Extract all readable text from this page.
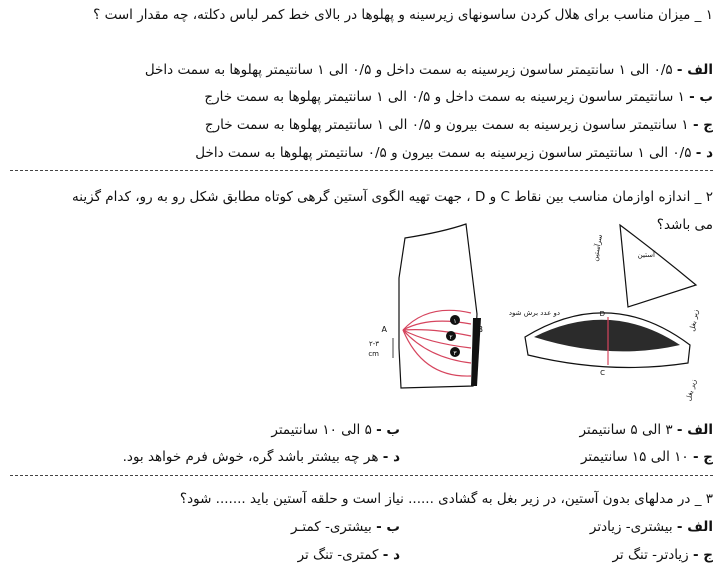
۱ _ میزان مناسب برای هلال کردن ساسونهای زیرسینه و پهلوها در بالای خط کمر لباس دکلته، چه مقدار است ؟
الف - ۰/۵ الی ۱ سانتیمتر ساسون زیرسینه به سمت داخل و ۰/۵ الی ۱ سانتیمتر پهلوها به سمت داخل
ب - ۱ سانتیمتر ساسون زیرسینه به سمت داخل و ۰/۵ الی ۱ سانتیمتر پهلوها به سمت خارج
ج - ۱ سانتیمتر ساسون زیرسینه به سمت بیرون و ۰/۵ الی ۱ سانتیمتر پهلوها به سمت خارج
د - ۰/۵ الی ۱ سانتیمتر ساسون زیرسینه به سمت بیرون و ۰/۵ سانتیمتر پهلوها به سمت داخل
۲ _ اندازه اوازمان مناسب بین نقاط C و D ، جهت تهیه الگوی آستین گرهی کوتاه مطابق شکل رو به رو، کدام گزینه
می باشد؟
۱
۲
۳
A	B
۲-۳
cm
آستین
سرآستین
زیر بغل
D
C
دو عدد برش شود
زیر بغل
الف - ۳ الی ۵ سانتیمتر
ب - ۵ الی ۱۰ سانتیمتر
ج - ۱۰ الی ۱۵ سانتیمتر
د - هر چه بیشتر باشد گره، خوش فرم خواهد بود.
۳ _ در مدلهای بدون آستین، در زیر بغل به گشادی ...... نیاز است و حلقه آستین باید ....... شود؟
الف - بیشتری- زیادتر
ب - بیشتری- کمتـر
ج - زیادتر- تنگ تر
د - کمتری- تنگ تر
